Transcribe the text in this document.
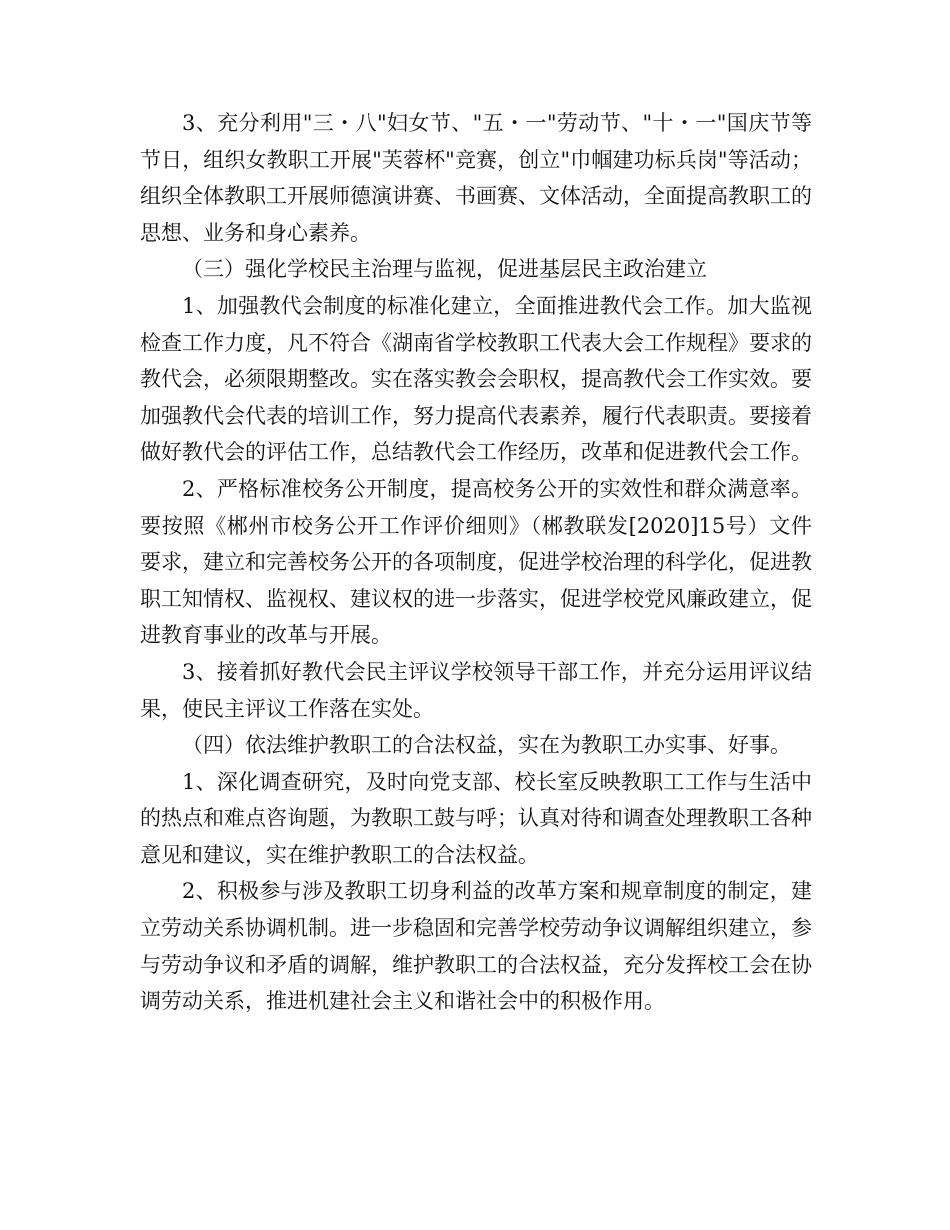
3、充分利用"三・八"妇女节、"五・一"劳动节、"十・一"国庆节等节日，组织女教职工开展"芙蓉杯"竞赛，创立"巾帼建功标兵岗"等活动；组织全体教职工开展师德演讲赛、书画赛、文体活动，全面提高教职工的思想、业务和身心素养。

（三）强化学校民主治理与监视，促进基层民主政治建立

1、加强教代会制度的标准化建立，全面推进教代会工作。加大监视检查工作力度，凡不符合《湖南省学校教职工代表大会工作规程》要求的教代会，必须限期整改。实在落实教会会职权，提高教代会工作实效。要加强教代会代表的培训工作，努力提高代表素养，履行代表职责。要接着做好教代会的评估工作，总结教代会工作经历，改革和促进教代会工作。

2、严格标准校务公开制度，提高校务公开的实效性和群众满意率。要按照《郴州市校务公开工作评价细则》（郴教联发[2020]15号）文件要求，建立和完善校务公开的各项制度，促进学校治理的科学化，促进教职工知情权、监视权、建议权的进一步落实，促进学校党风廉政建立，促进教育事业的改革与开展。

3、接着抓好教代会民主评议学校领导干部工作，并充分运用评议结果，使民主评议工作落在实处。

（四）依法维护教职工的合法权益，实在为教职工办实事、好事。

1、深化调查研究，及时向党支部、校长室反映教职工工作与生活中的热点和难点咨询题，为教职工鼓与呼；认真对待和调查处理教职工各种意见和建议，实在维护教职工的合法权益。

2、积极参与涉及教职工切身利益的改革方案和规章制度的制定，建立劳动关系协调机制。进一步稳固和完善学校劳动争议调解组织建立，参与劳动争议和矛盾的调解，维护教职工的合法权益，充分发挥校工会在协调劳动关系，推进机建社会主义和谐社会中的积极作用。
